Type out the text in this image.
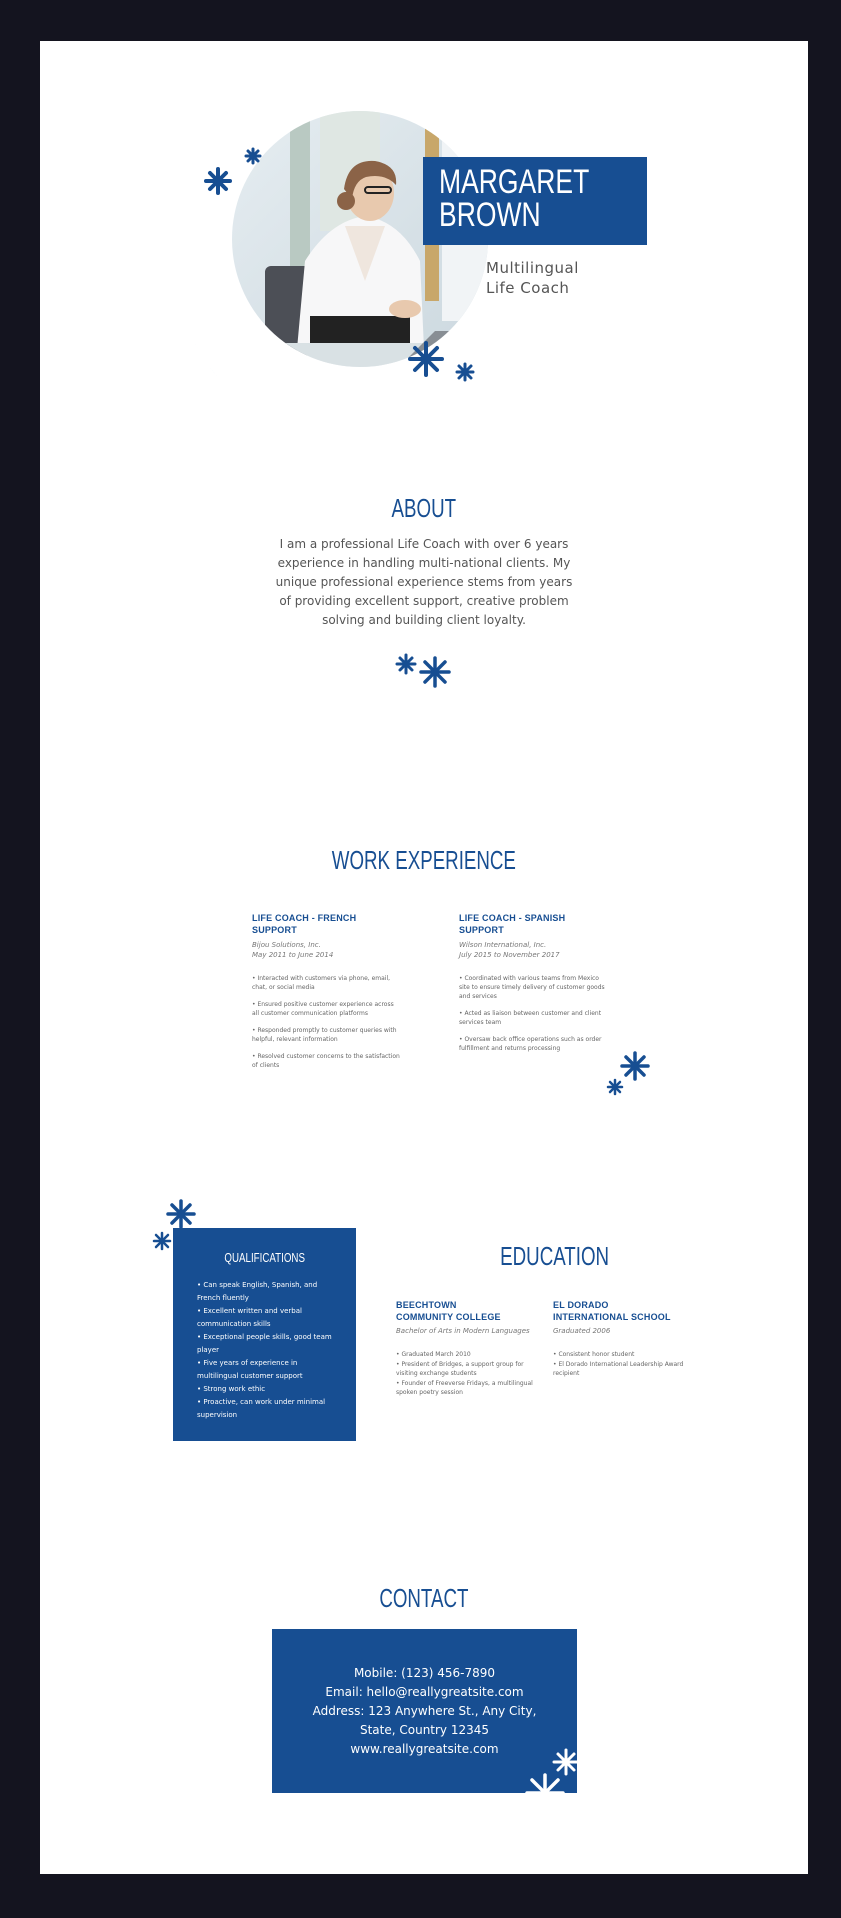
MARGARET
BROWN
Multilingual
Life Coach
ABOUT
I am a professional Life Coach with over 6 years
experience in handling multi-national clients. My
unique professional experience stems from years
of providing excellent support, creative problem
solving and building client loyalty.
WORK EXPERIENCE
LIFE COACH - FRENCH SUPPORT
Bijou Solutions, Inc.
May 2011 to June 2014
• Interacted with customers via phone, email, chat, or social media
• Ensured positive customer experience across all customer communication platforms
• Responded promptly to customer queries with helpful, relevant information
• Resolved customer concerns to the satisfaction of clients
LIFE COACH - SPANISH
SUPPORT
Wilson International, Inc.
July 2015 to November 2017
• Coordinated with various teams from Mexico site to ensure timely delivery of customer goods and services
• Acted as liaison between customer and client services team
• Oversaw back office operations such as order fulfillment and returns processing
QUALIFICATIONS
• Can speak English, Spanish, and French fluently
• Excellent written and verbal communication skills
• Exceptional people skills, good team player
• Five years of experience in multilingual customer support
• Strong work ethic
• Proactive, can work under minimal supervision
EDUCATION
BEECHTOWN
COMMUNITY COLLEGE
Bachelor of Arts in Modern Languages
• Graduated March 2010
• President of Bridges, a support group for visiting exchange students
• Founder of Freeverse Fridays, a multilingual spoken poetry session
EL DORADO
INTERNATIONAL SCHOOL
Graduated 2006
• Consistent honor student
• El Dorado International Leadership Award recipient
CONTACT
Mobile: (123) 456-7890
Email: hello@reallygreatsite.com
Address: 123 Anywhere St., Any City,
State, Country 12345
www.reallygreatsite.com
